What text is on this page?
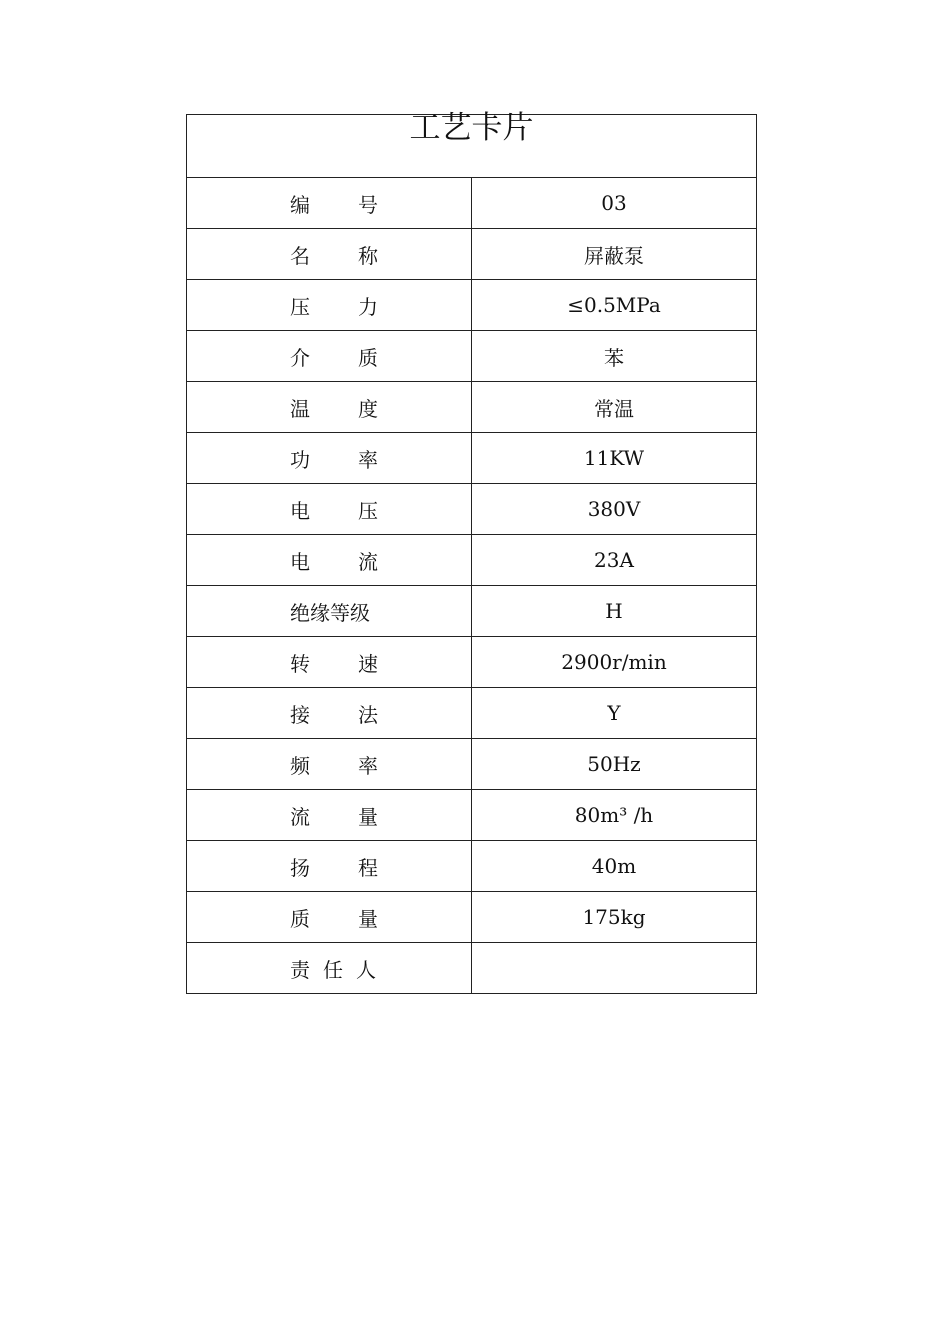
工艺卡片	
编号	03
名称	屏蔽泵
压力	≤0.5MPa
介质	苯
温度	常温
功率	11KW
电压	380V
电流	23A
绝缘等级	H
转速	2900r/min
接法	Y
频率	50Hz
流量	80m³ /h
扬程	40m
质量	175kg
责任人	
